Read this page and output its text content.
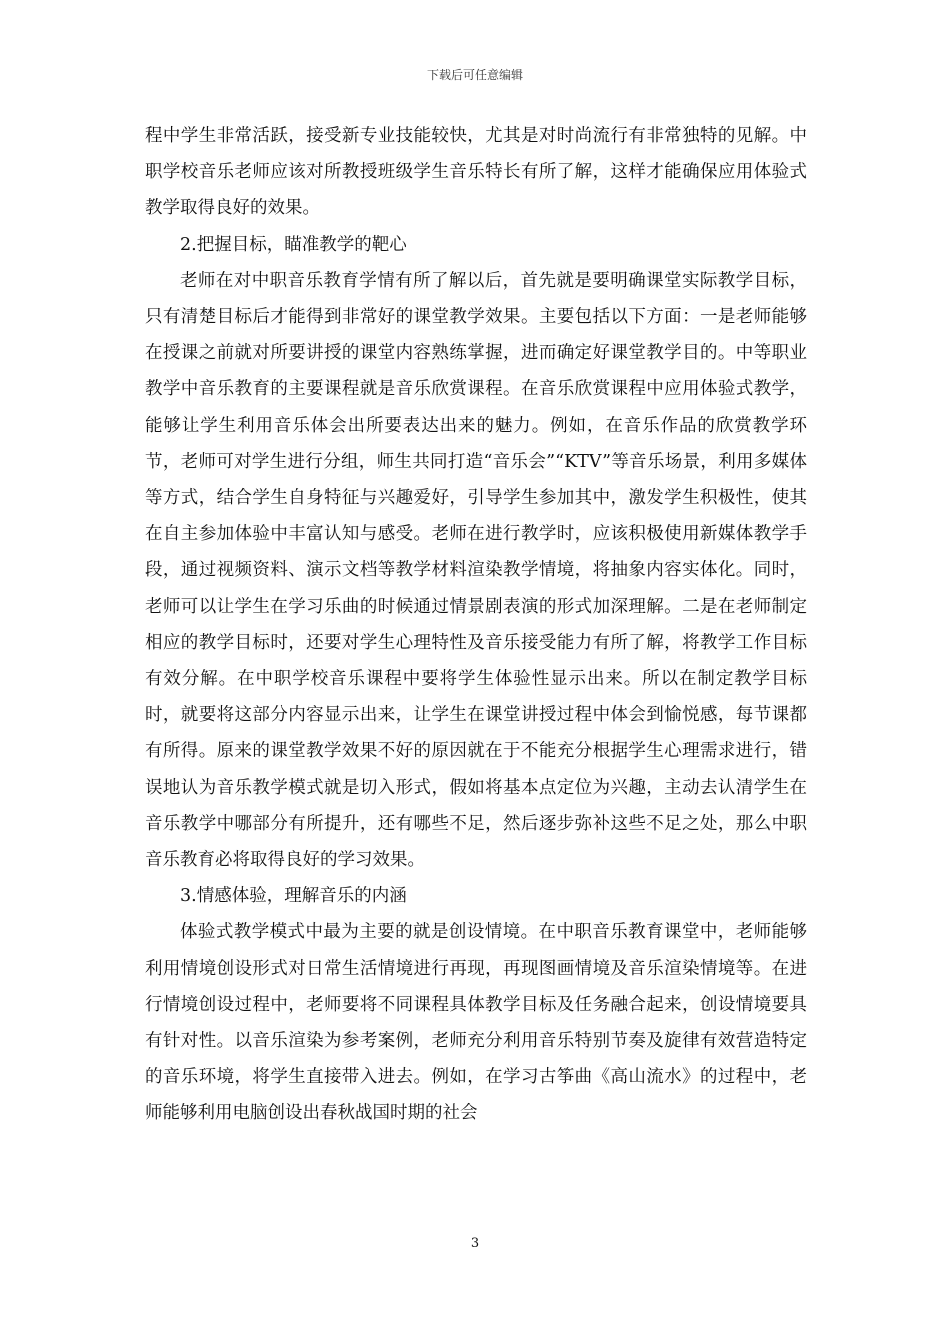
下载后可任意编辑

程中学生非常活跃，接受新专业技能较快，尤其是对时尚流行有非常独特的见解。中职学校音乐老师应该对所教授班级学生音乐特长有所了解，这样才能确保应用体验式教学取得良好的效果。

2.把握目标，瞄准教学的靶心

老师在对中职音乐教育学情有所了解以后，首先就是要明确课堂实际教学目标，只有清楚目标后才能得到非常好的课堂教学效果。主要包括以下方面：一是老师能够在授课之前就对所要讲授的课堂内容熟练掌握，进而确定好课堂教学目的。中等职业教学中音乐教育的主要课程就是音乐欣赏课程。在音乐欣赏课程中应用体验式教学，能够让学生利用音乐体会出所要表达出来的魅力。例如，在音乐作品的欣赏教学环节，老师可对学生进行分组，师生共同打造“音乐会”“KTV”等音乐场景，利用多媒体等方式，结合学生自身特征与兴趣爱好，引导学生参加其中，激发学生积极性，使其在自主参加体验中丰富认知与感受。老师在进行教学时，应该积极使用新媒体教学手段，通过视频资料、演示文档等教学材料渲染教学情境，将抽象内容实体化。同时，老师可以让学生在学习乐曲的时候通过情景剧表演的形式加深理解。二是在老师制定相应的教学目标时，还要对学生心理特性及音乐接受能力有所了解，将教学工作目标有效分解。在中职学校音乐课程中要将学生体验性显示出来。所以在制定教学目标时，就要将这部分内容显示出来，让学生在课堂讲授过程中体会到愉悦感，每节课都有所得。原来的课堂教学效果不好的原因就在于不能充分根据学生心理需求进行，错误地认为音乐教学模式就是切入形式，假如将基本点定位为兴趣，主动去认清学生在音乐教学中哪部分有所提升，还有哪些不足，然后逐步弥补这些不足之处，那么中职音乐教育必将取得良好的学习效果。

3.情感体验，理解音乐的内涵

体验式教学模式中最为主要的就是创设情境。在中职音乐教育课堂中，老师能够利用情境创设形式对日常生活情境进行再现，再现图画情境及音乐渲染情境等。在进行情境创设过程中，老师要将不同课程具体教学目标及任务融合起来，创设情境要具有针对性。以音乐渲染为参考案例，老师充分利用音乐特别节奏及旋律有效营造特定的音乐环境，将学生直接带入进去。例如，在学习古筝曲《高山流水》的过程中，老师能够利用电脑创设出春秋战国时期的社会

3
